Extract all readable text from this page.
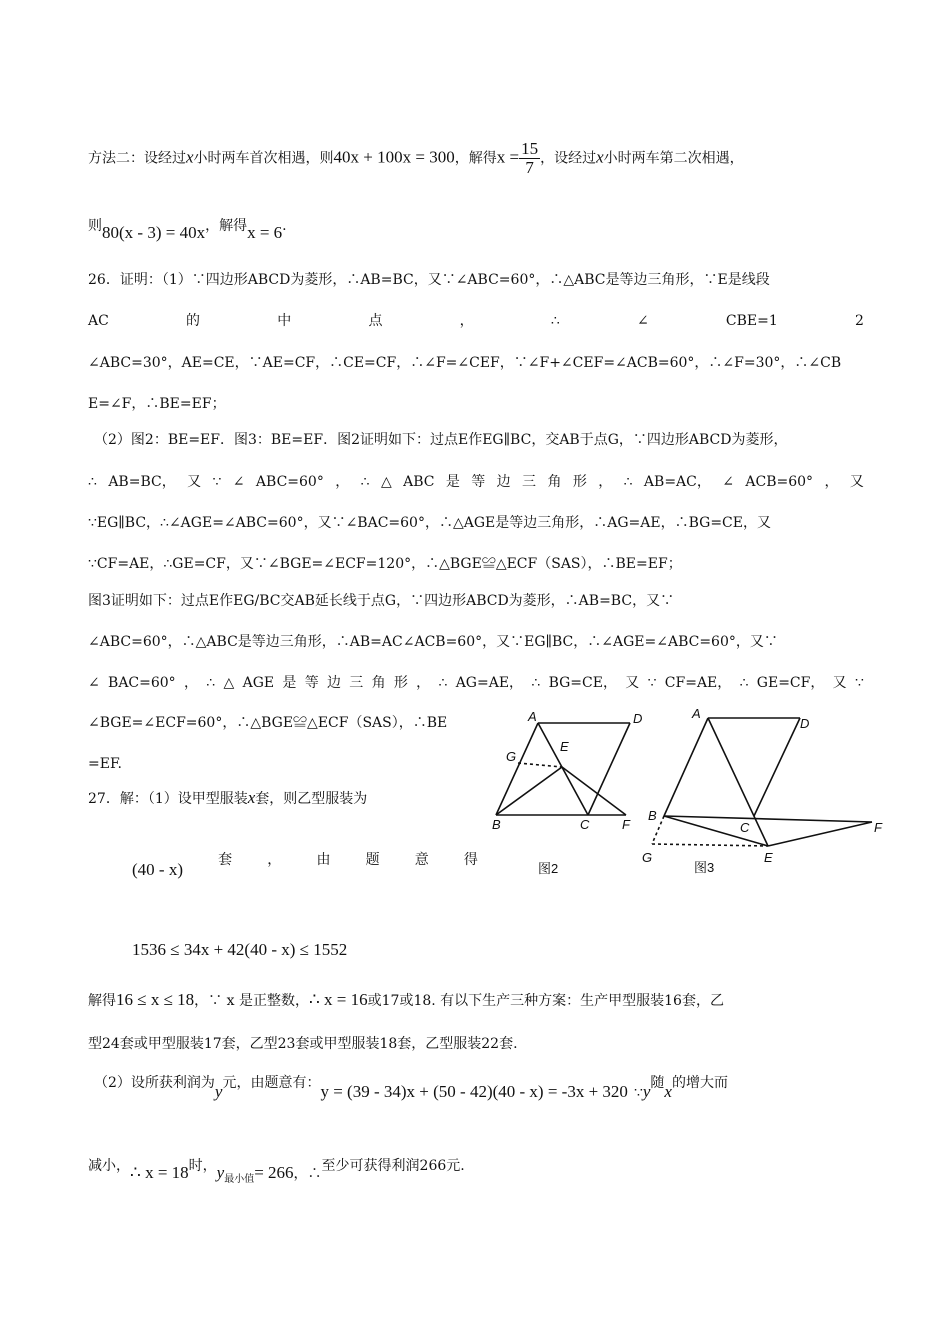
方法二：设经过x小时两车首次相遇，则40x + 100x = 300，解得$x = \frac{15}{7}$ ，设经过x小时两车第二次相遇，
则80(x - 3) = 40x，解得x = 6.
26．证明：（1）∵四边形ABCD为菱形，∴AB=BC，又∵∠ABC=60°，∴△ABC是等边三角形，∵E是线段
AC	的	中	点	，	∴	∠	CBE=1	2
∠ABC=30°，AE=CE，∵AE=CF，∴CE=CF，∴∠F=∠CEF，∵∠F+∠CEF=∠ACB=60°，∴∠F=30°，∴∠CB
E=∠F，∴BE=EF；
（2）图2：BE=EF．图3：BE=EF．图2证明如下：过点E作EG∥BC，交AB于点G，∵四边形ABCD为菱形，
∴ AB=BC， 又 ∵ ∠ ABC=60° ， ∴ △ ABC 是 等 边 三 角 形 ， ∴ AB=AC， ∠ ACB=60° ， 又
∵EG∥BC，∴∠AGE=∠ABC=60°，又∵∠BAC=60°，∴△AGE是等边三角形，∴AG=AE，∴BG=CE，又
∵CF=AE，∴GE=CF，又∵∠BGE=∠ECF=120°，∴△BGE≌△ECF（SAS），∴BE=EF；
图3证明如下：过点E作EG/BC交AB延长线于点G，∵四边形ABCD为菱形，∴AB=BC，又∵
∠ABC=60°，∴△ABC是等边三角形，∴AB=AC∠ACB=60°，又∵EG∥BC，∴∠AGE=∠ABC=60°，又∵
∠ BAC=60° ， ∴ △ AGE 是 等 边 三 角 形 ， ∴ AG=AE， ∴ BG=CE， 又 ∵ CF=AE， ∴ GE=CF， 又 ∵
∠BGE=∠ECF=60°，∴△BGE≌△ECF（SAS），∴BE
=EF.
27．解：（1）设甲型服装x套，则乙型服装为
(40 - x)	套	，	由	题	意	得
1536 ≤ 34x + 42(40 - x) ≤ 1552
解得16 ≤ x ≤ 18，∵ x 是正整数，∴ x = 16或17或18. 有以下生产三种方案：生产甲型服装16套，乙
型24套或甲型服装17套，乙型23套或甲型服装18套，乙型服装22套.
（2）设所获利润为y元，由题意有：y = (39 - 34)x + (50 - 42)(40 - x) = -3x + 320 ∵y随x的增大而
减小，∴ x = 18时，$y_{最小值}= 266$，∴至少可获得利润266元.
A	D
G
E
B	C	F
图2
A
D
B
C	F
G	E
图3
